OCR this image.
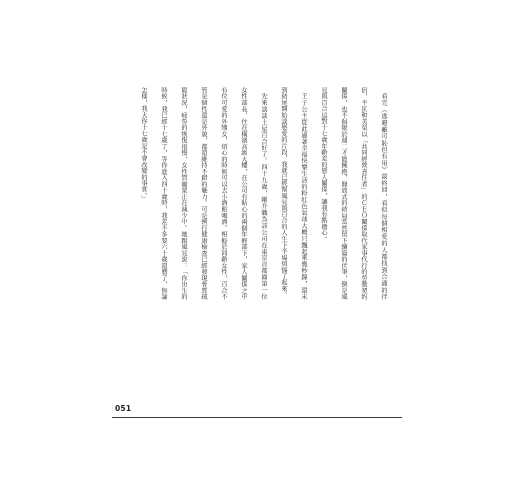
看完《逃避雖可恥但有用》最終回，看似每個相愛的人都找到合適的伴
侶，平匡和美栗以「共同經營責任者」的ＣＥＯ關係取代家事代行的勞動契約
關係，也不侷限於週二才能擁抱，開放式的結局當然留下續篇的伏筆，倒是風
見與百合這對十七歲年齡差的戀人關係，讓我有點擔心。
王子公主從此過著幸福快樂生活的粉紅色氣球大概只飄起來幾秒鐘，還未
到結尾開始談戀愛的片段，我就已經幫風見與百合的人生下半場煩惱了起來。
先來談談土屋百合好了。四十九歲，剛升職為該公司在東京首都圈第一位
女性部長，住在橫濱高級大樓，在公司有貼心的兩個年輕部下，家人關係之中
有位可愛的外甥女，煩心的時候可以去小酒館喝酒。相較於同齡女性，百合不
管是個性還是外貌，都還維持不錯的魅力。可是例行健康檢查已經發現骨質疏
鬆狀況，疲勞的恢復很慢，女性賀爾蒙正在減少中。她跟風見說：「你出生的
時候，我已經十七歲了，等你進入四十歲時，我差不多要六十歲還曆了，無論
怎樣，我大你十七歲是不會改變的事實。」
051
